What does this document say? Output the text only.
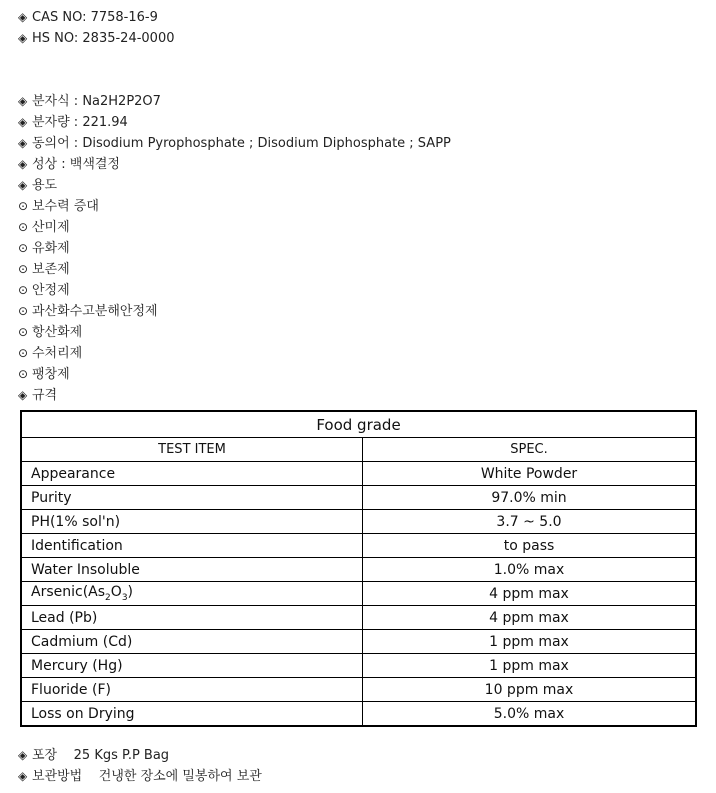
◈ CAS NO: 7758-16-9
◈ HS NO: 2835-24-0000
◈ 분자식 : Na2H2P2O7
◈ 분자량 : 221.94
◈ 동의어 : Disodium Pyrophosphate ; Disodium Diphosphate ; SAPP
◈ 성상 : 백색결정
◈ 용도
⊙ 보수력 증대
⊙ 산미제
⊙ 유화제
⊙ 보존제
⊙ 안정제
⊙ 과산화수고분해안정제
⊙ 항산화제
⊙ 수처리제
⊙ 팽창제
◈ 규격
Food grade	
TEST ITEM	SPEC.
Appearance	White Powder
Purity	97.0% min
PH(1% sol'n)	3.7 ~ 5.0
Identification	to pass
Water Insoluble	1.0% max
$Arsenic(As_2O_3)$	4 ppm max
Lead (Pb)	4 ppm max
Cadmium (Cd)	1 ppm max
Mercury (Hg)	1 ppm max
Fluoride (F)	10 ppm max
Loss on Drying	5.0% max
◈ 포장    25 Kgs P.P Bag
◈ 보관방법    건냉한 장소에 밀봉하여 보관
